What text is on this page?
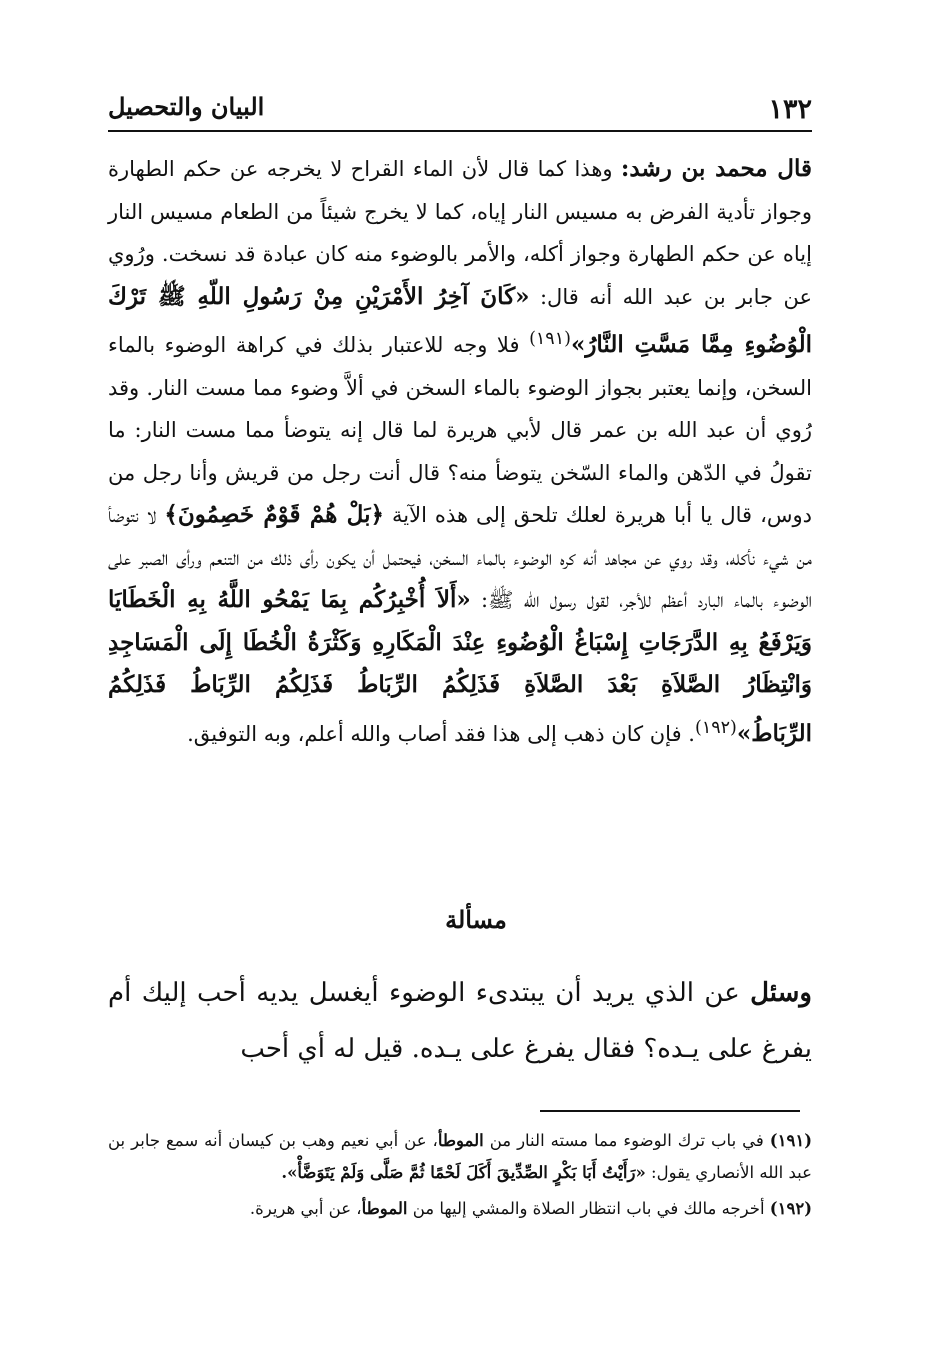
١٣٢
البيان والتحصيل

قال محمد بن رشد: وهذا كما قال لأن الماء القراح لا يخرجه عن حكم الطهارة وجواز تأدية الفرض به مسيس النار إياه، كما لا يخرج شيئاً من الطعام مسيس النار إياه عن حكم الطهارة وجواز أكله، والأمر بالوضوء منه كان عبادة قد نسخت. ورُوي عن جابر بن عبد الله أنه قال: «كَانَ آخِرُ الأَمْرَيْنِ مِنْ رَسُولِ اللّهِ ﷺ تَرْكَ الْوُضُوءِ مِمَّا مَسَّتِ النَّارُ»$^{(١٩١)}$ فلا وجه للاعتبار بذلك في كراهة الوضوء بالماء السخن، وإنما يعتبر بجواز الوضوء بالماء السخن في ألاَّ وضوء مما مست النار. وقد رُوي أن عبد الله بن عمر قال لأبي هريرة لما قال إنه يتوضأ مما مست النار: ما تقولُ في الدّهن والماء السّخن يتوضأ منه؟ قال أنت رجل من قريش وأنا رجل من دوس، قال يا أبا هريرة لعلك تلحق إلى هذه الآية ﴿بَلْ هُمْ قَوْمٌ خَصِمُونَ﴾ لا نتوضأ من شيء نأكله، وقد روي عن مجاهد أنه كره الوضوء بالماء السخن، فيحتمل أن يكون رأى ذلك من التنعم ورأى الصبر على الوضوء بالماء البارد أعظم للأجر، لقول رسول الله ﷺ: «أَلاَ أُخْبِرُكُم بِمَا يَمْحُو اللَّهُ بِهِ الْخَطَايَا وَيَرْفَعُ بِهِ الدَّرَجَاتِ إِسْبَاغُ الْوُضُوءِ عِنْدَ الْمَكَارِهِ وَكَثْرَةُ الْخُطَا إِلَى الْمَسَاجِدِ وَانْتِظَارُ الصَّلاَةِ بَعْدَ الصَّلاَةِ فَذَلِكُمُ الرِّبَاطُ فَذَلِكُمُ الرِّبَاطُ فَذَلِكُمُ الرِّبَاطُ»$^{(١٩٢)}$. فإن كان ذهب إلى هذا فقد أصاب والله أعلم، وبه التوفيق.

مسألة

وسئل عن الذي يريد أن يبتدىء الوضوء أيغسل يديه أحب إليك أم يفرغ على يـده؟ فقال يفرغ على يـده. قيل له أي أحب

(١٩١) في باب ترك الوضوء مما مسته النار من الموطأ، عن أبي نعيم وهب بن كيسان أنه سمع جابر بن عبد الله الأنصاري يقول: «رَأَيْتُ أَبَا بَكْرٍ الصِّدِّيقَ أَكَلَ لَحْمًا ثُمَّ صَلَّى وَلَمْ يَتَوَضَّأْ».

(١٩٢) أخرجه مالك في باب انتظار الصلاة والمشي إليها من الموطأ، عن أبي هريرة.
